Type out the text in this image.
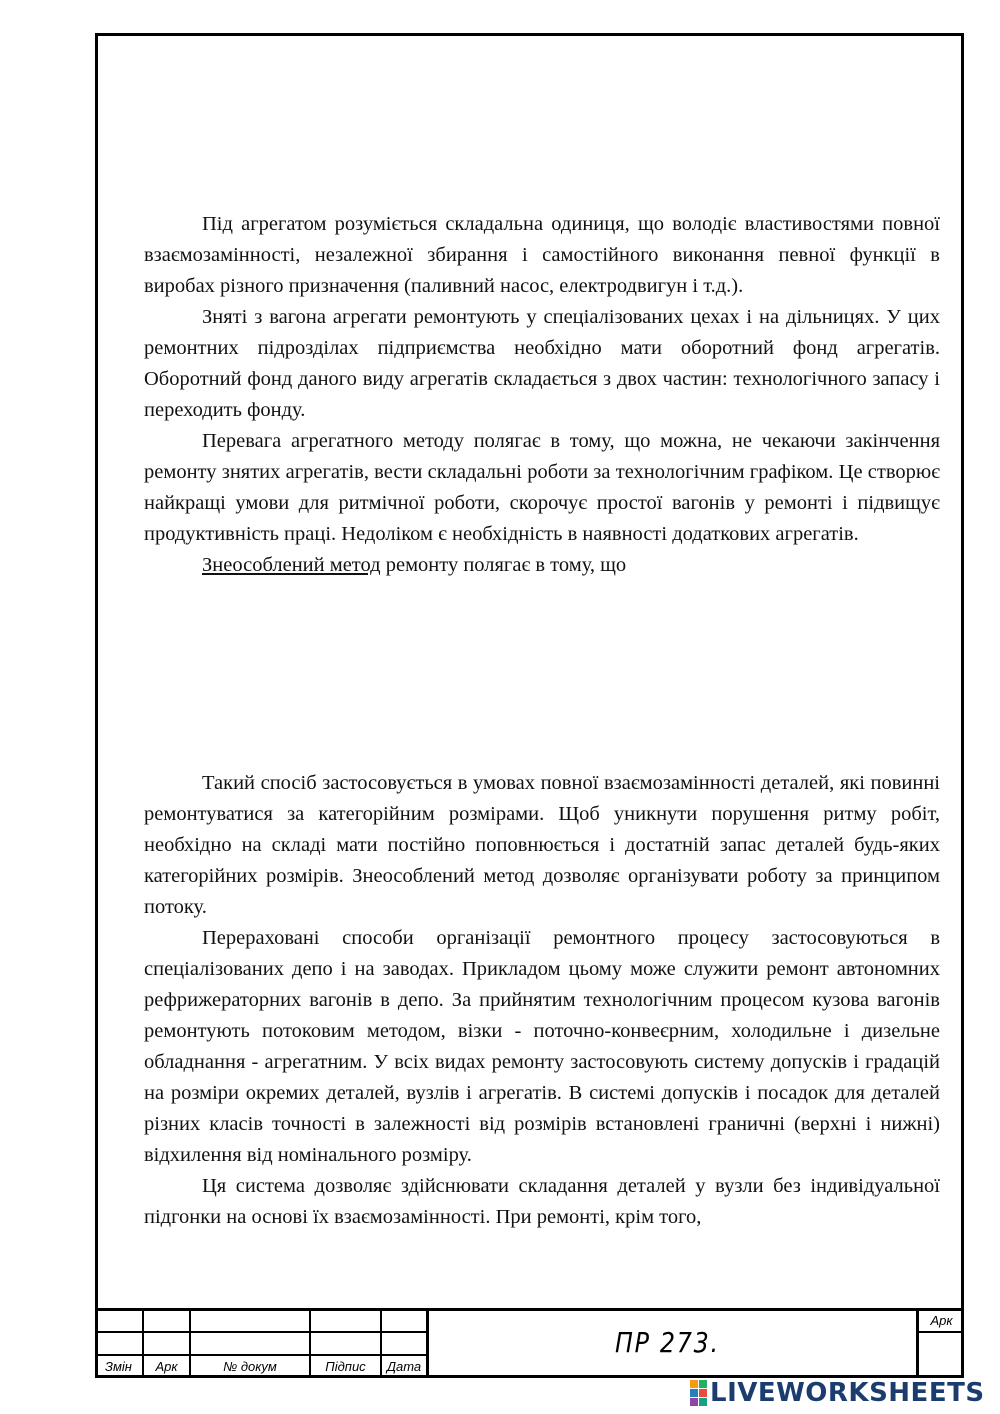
Під агрегатом розуміється складальна одиниця, що володіє властивостями повної взаємозамінності, незалежної збирання і самостійного виконання певної функції в виробах різного призначення (паливний насос, електродвигун і т.д.).

Зняті з вагона агрегати ремонтують у спеціалізованих цехах і на дільницях. У цих ремонтних підрозділах підприємства необхідно мати оборотний фонд агрегатів. Оборотний фонд даного виду агрегатів складається з двох частин: технологічного запасу і переходить фонду.

Перевага агрегатного методу полягає в тому, що можна, не чекаючи закінчення ремонту знятих агрегатів, вести складальні роботи за технологічним графіком. Це створює найкращі умови для ритмічної роботи, скорочує простої вагонів у ремонті і підвищує продуктивність праці. Недоліком є необхідність в наявності додаткових агрегатів.

Знеособлений метод ремонту полягає в тому, що

Такий спосіб застосовується в умовах повної взаємозамінності деталей, які повинні ремонтуватися за категорійним розмірами. Щоб уникнути порушення ритму робіт, необхідно на складі мати постійно поповнюється і достатній запас деталей будь-яких категорійних розмірів. Знеособлений метод дозволяє організувати роботу за принципом потоку.

Перераховані способи організації ремонтного процесу застосовуються в спеціалізованих депо і на заводах. Прикладом цьому може служити ремонт автономних рефрижераторних вагонів в депо. За прийнятим технологічним процесом кузова вагонів ремонтують потоковим методом, візки - поточно-конвеєрним, холодильне і дизельне обладнання - агрегатним. У всіх видах ремонту застосовують систему допусків і градацій на розміри окремих деталей, вузлів і агрегатів. В системі допусків і посадок для деталей різних класів точності в залежності від розмірів встановлені граничні (верхні і нижні) відхилення від номінального розміру.

Ця система дозволяє здійснювати складання деталей у вузли без індивідуальної підгонки на основі їх взаємозамінності. При ремонті, крім того,

Змін	Арк	№ докум	Підпис	Дата
Арк
ПР 273.
LIVEWORKSHEETS
